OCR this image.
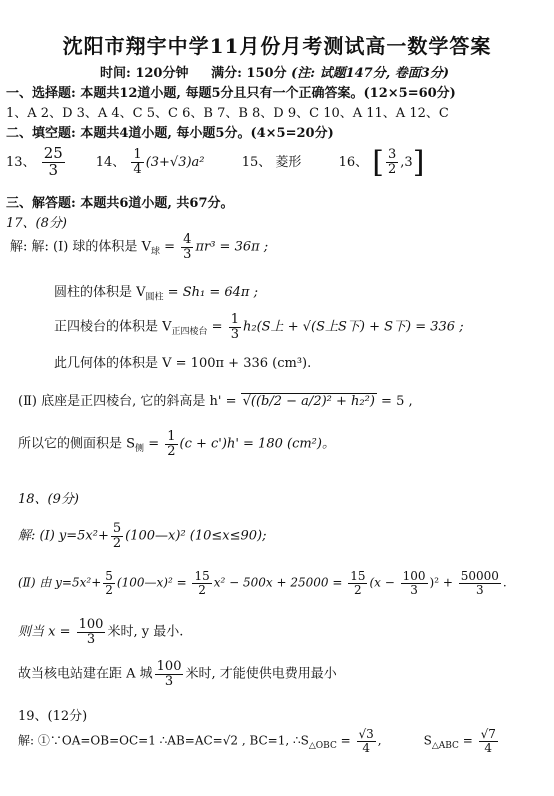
沈阳市翔宇中学11月份月考测试高一数学答案
时间: 120分钟 满分: 150分 (注: 试题147分, 卷面3分)
一、选择题: 本题共12道小题, 每题5分且只有一个正确答案。(12×5=60分)
1、A 2、D 3、A 4、C 5、C 6、B 7、B 8、D 9、C 10、A 11、A 12、C
二、填空题: 本题共4道小题, 每小题5分。(4×5=20分)
13、 $\frac{25}{3} 14$、 $\frac{1}{4} (3+√3)a^2$	15、 菱形	16、 [ $\frac{3}{2} ,3$]
三、解答题: 本题共6道小题, 共67分。
17、(8分)
解: 解: (Ⅰ) 球的体积是 $V_球 = \frac{4}{3} \pi r^3 = 36\pi$ ;
圆柱的体积是 $V_{圆柱} = Sh_1 = 64\pi$ ;
正四棱台的体积是 $V_{正四棱台} = \frac{1}{3} h_2(S$上 + √(S上S下) + S下) = 336 ;
此几何体的体积是 V = 100π + 336 (cm³).
(Ⅱ) 底座是正四棱台, 它的斜高是 h' = √((b/2 − a/2)² + h₂²) = 5 ,
所以它的侧面积是 $S_侧 = \frac{1}{2} (c + c')h' = 180$ (cm²)。
18、(9分)
解: (Ⅰ) $y=5x^2+ \frac{5}{2}$ (100—x)² (10≤x≤90);
(Ⅱ) 由 $y=5x^2+ \frac{5}{2}$ (100—x)² = $\frac{15}{2} x^2 - 500x + 25000 = \frac{15}{2} (x - \frac{100}{3} )^2 + \frac{50000}{3}$ .
则当 $x = \frac{100}{3}$ 米时, y 最小.
故当核电站建在距 A 城 $\frac{100}{3}$ 米时, 才能使供电费用最小
19、(12分)
解: ①∵OA=OB=OC=1 ∴AB=AC=√2 , BC=1, $\therefore S_{\triangle OBC} = \frac{√3}{4}$ ,	$S_{\triangle ABC} = \frac{√7}{4}$
